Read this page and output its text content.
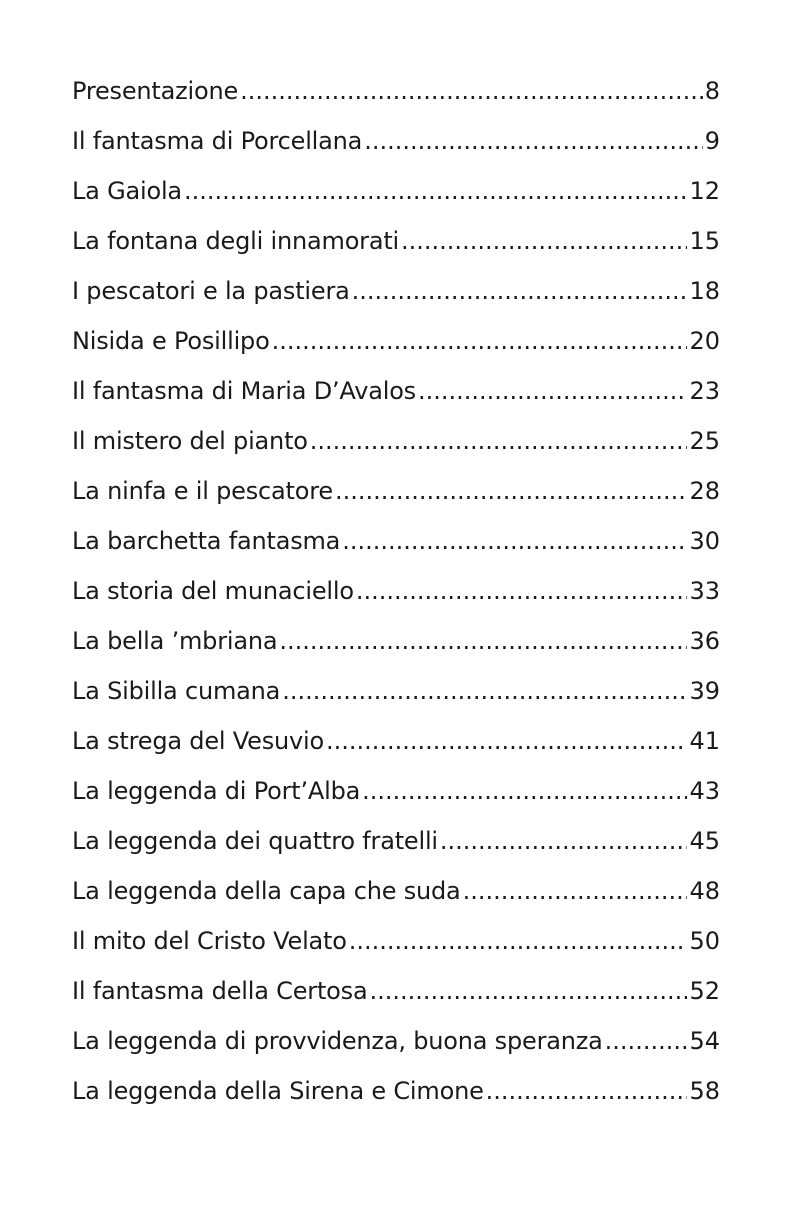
Presentazione .....	8
Il fantasma di Porcellana .....	9
La Gaiola .....	12
La fontana degli innamorati .....	15
I pescatori e la pastiera .....	18
Nisida e Posillipo .....	20
Il fantasma di Maria D’Avalos .....	23
Il mistero del pianto .....	25
La ninfa e il pescatore .....	28
La barchetta fantasma .....	30
La storia del munaciello .....	33
La bella ’mbriana .....	36
La Sibilla cumana .....	39
La strega del Vesuvio .....	41
La leggenda di Port’Alba .....	43
La leggenda dei quattro fratelli .....	45
La leggenda della capa che suda .....	48
Il mito del Cristo Velato .....	50
Il fantasma della Certosa .....	52
La leggenda di provvidenza, buona speranza .....	54
La leggenda della Sirena e Cimone .....	58
